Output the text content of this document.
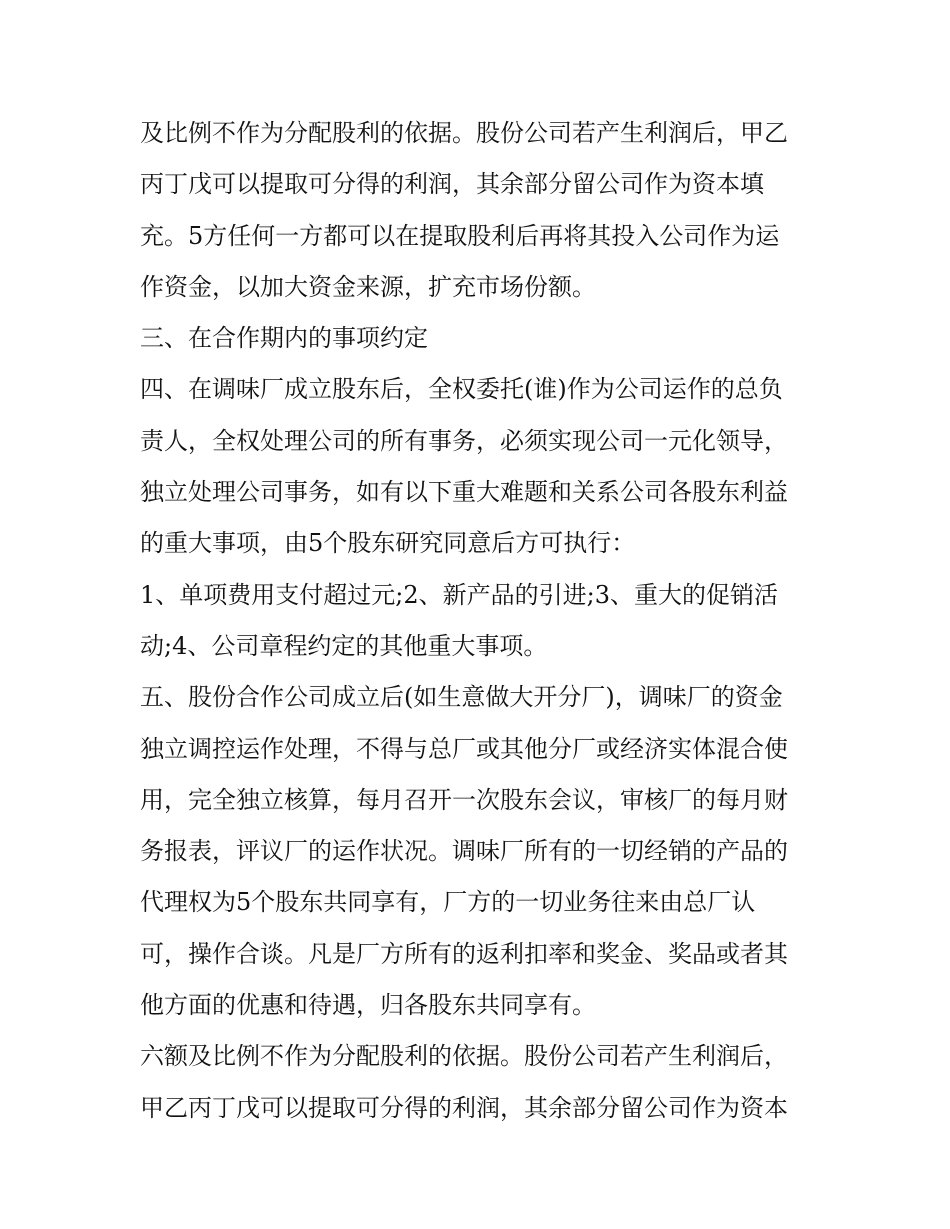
及比例不作为分配股利的依据。股份公司若产生利润后，甲乙
丙丁戊可以提取可分得的利润，其余部分留公司作为资本填
充。5方任何一方都可以在提取股利后再将其投入公司作为运
作资金，以加大资金来源，扩充市场份额。
三、在合作期内的事项约定
四、在调味厂成立股东后，全权委托(谁)作为公司运作的总负
责人，全权处理公司的所有事务，必须实现公司一元化领导，
独立处理公司事务，如有以下重大难题和关系公司各股东利益
的重大事项，由5个股东研究同意后方可执行：
1、单项费用支付超过元;2、新产品的引进;3、重大的促销活
动;4、公司章程约定的其他重大事项。
五、股份合作公司成立后(如生意做大开分厂)，调味厂的资金
独立调控运作处理，不得与总厂或其他分厂或经济实体混合使
用，完全独立核算，每月召开一次股东会议，审核厂的每月财
务报表，评议厂的运作状况。调味厂所有的一切经销的产品的
代理权为5个股东共同享有，厂方的一切业务往来由总厂认
可，操作合谈。凡是厂方所有的返利扣率和奖金、奖品或者其
他方面的优惠和待遇，归各股东共同享有。
六额及比例不作为分配股利的依据。股份公司若产生利润后，
甲乙丙丁戊可以提取可分得的利润，其余部分留公司作为资本
